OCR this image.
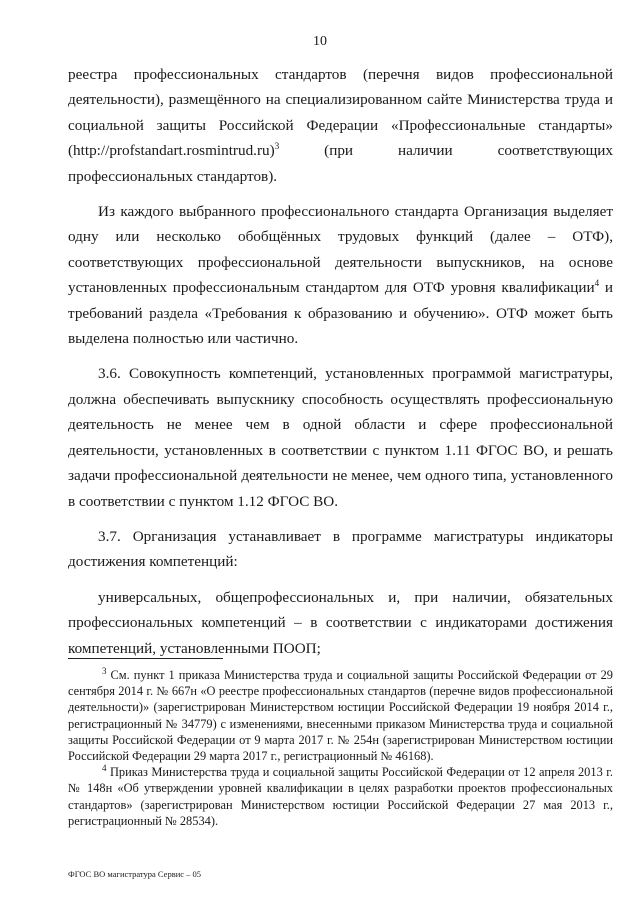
10

реестра профессиональных стандартов (перечня видов профессиональной деятельности), размещённого на специализированном сайте Министерства труда и социальной защиты Российской Федерации «Профессиональные стандарты» (http://profstandart.rosmintrud.ru)$^3$ (при наличии соответствующих профессиональных стандартов).

Из каждого выбранного профессионального стандарта Организация выделяет одну или несколько обобщённых трудовых функций (далее – ОТФ), соответствующих профессиональной деятельности выпускников, на основе установленных профессиональным стандартом для ОТФ уровня квалификации$^4$ и требований раздела «Требования к образованию и обучению». ОТФ может быть выделена полностью или частично.

3.6. Совокупность компетенций, установленных программой магистратуры, должна обеспечивать выпускнику способность осуществлять профессиональную деятельность не менее чем в одной области и сфере профессиональной деятельности, установленных в соответствии с пунктом 1.11 ФГОС ВО, и решать задачи профессиональной деятельности не менее, чем одного типа, установленного в соответствии с пунктом 1.12 ФГОС ВО.

3.7. Организация устанавливает в программе магистратуры индикаторы достижения компетенций:

универсальных, общепрофессиональных и, при наличии, обязательных профессиональных компетенций – в соответствии с индикаторами достижения компетенций, установленными ПООП;

$^3$ См. пункт 1 приказа Министерства труда и социальной защиты Российской Федерации от 29 сентября 2014 г. № 667н «О реестре профессиональных стандартов (перечне видов профессиональной деятельности)» (зарегистрирован Министерством юстиции Российской Федерации 19 ноября 2014 г., регистрационный № 34779) с изменениями, внесенными приказом Министерства труда и социальной защиты Российской Федерации от 9 марта 2017 г. № 254н (зарегистрирован Министерством юстиции Российской Федерации 29 марта 2017 г., регистрационный № 46168).

$^4$ Приказ Министерства труда и социальной защиты Российской Федерации от 12 апреля 2013 г. № 148н «Об утверждении уровней квалификации в целях разработки проектов профессиональных стандартов» (зарегистрирован Министерством юстиции Российской Федерации 27 мая 2013 г., регистрационный № 28534).

ФГОС ВО магистратура Сервис – 05
